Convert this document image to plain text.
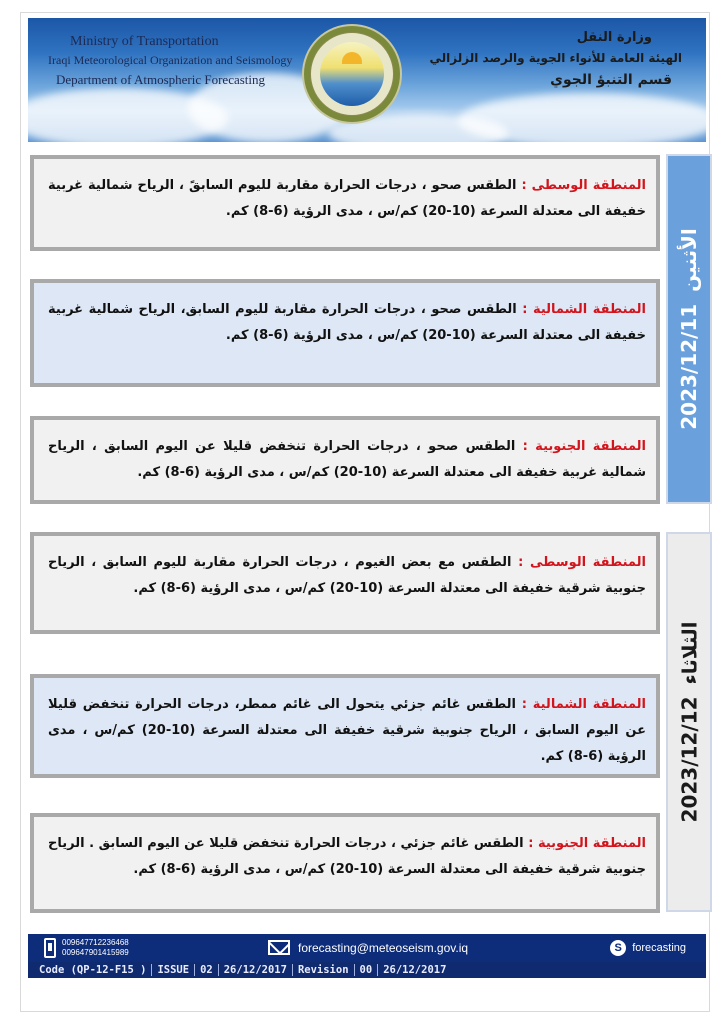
Ministry of Transportation
Iraqi Meteorological Organization and Seismology
Department of Atmospheric Forecasting
وزارة النقل
الهيئة العامة للأنواء الجوية والرصد الزلزالي
قسم التنبؤ الجوي
2023/12/11
الأثنين
2023/12/12
الثلاثاء
المنطقة الوسطى : الطقس صحو ، درجات الحرارة مقاربة لليوم السابقً ، الرياح شمالية غربية خفيفة الى معتدلة السرعة (10-20) كم/س ، مدى الرؤية (6-8) كم.
المنطقة الشمالية : الطقس صحو ، درجات الحرارة مقاربة لليوم السابق، الرياح شمالية غربية خفيفة الى معتدلة السرعة (10-20) كم/س ، مدى الرؤية (6-8) كم.
المنطقة الجنوبية : الطقس صحو ، درجات الحرارة تنخفض قليلا عن اليوم السابق ، الرياح شمالية غربية خفيفة الى معتدلة السرعة (10-20) كم/س ، مدى الرؤية (6-8) كم.
المنطقة الوسطى : الطقس مع بعض الغيوم ، درجات الحرارة مقاربة لليوم السابق ، الرياح جنوبية شرقية خفيفة الى معتدلة السرعة (10-20) كم/س ، مدى الرؤية (6-8) كم.
المنطقة الشمالية : الطقس غائم جزئي يتحول الى غائم ممطر، درجات الحرارة تنخفض قليلا عن اليوم السابق ، الرياح جنوبية شرقية خفيفة الى معتدلة السرعة (10-20) كم/س ، مدى الرؤية (6-8) كم.
المنطقة الجنوبية : الطقس غائم جزئي ، درجات الحرارة تنخفض قليلا عن اليوم السابق . الرياح جنوبية شرقية خفيفة الى معتدلة السرعة (10-20) كم/س ، مدى الرؤية (6-8) كم.
009647712236468
009647901415989	forecasting@meteoseism.gov.iq	S forecasting
Code (QP-12-F15 )	ISSUE	02	26/12/2017	Revision	00	26/12/2017
